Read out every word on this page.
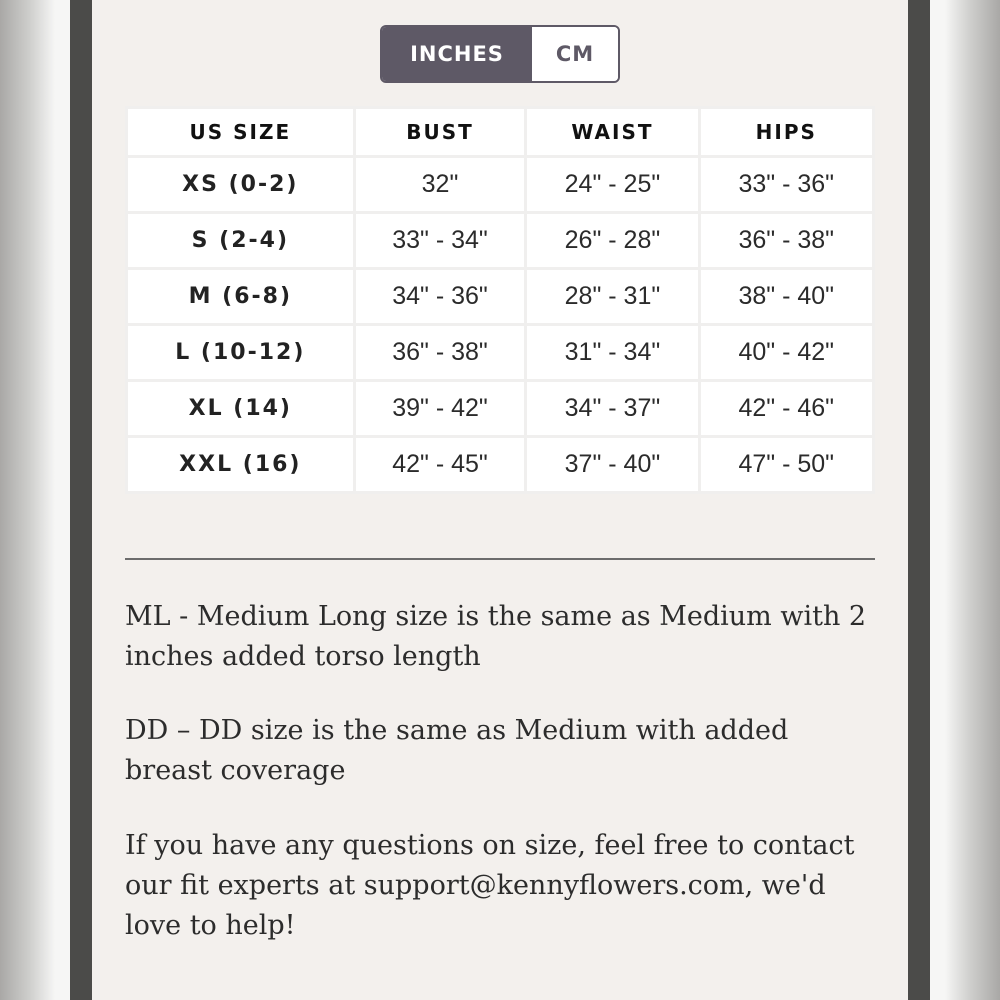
INCHES	CM
US SIZE	BUST	WAIST	HIPS
XS (0-2)	32"	24" - 25"	33" - 36"
S (2-4)	33" - 34"	26" - 28"	36" - 38"
M (6-8)	34" - 36"	28" - 31"	38" - 40"
L (10-12)	36" - 38"	31" - 34"	40" - 42"
XL (14)	39" - 42"	34" - 37"	42" - 46"
XXL (16)	42" - 45"	37" - 40"	47" - 50"

ML - Medium Long size is the same as Medium with 2 inches added torso length

DD – DD size is the same as Medium with added breast coverage

If you have any questions on size, feel free to contact our fit experts at support@kennyflowers.com, we'd love to help!
